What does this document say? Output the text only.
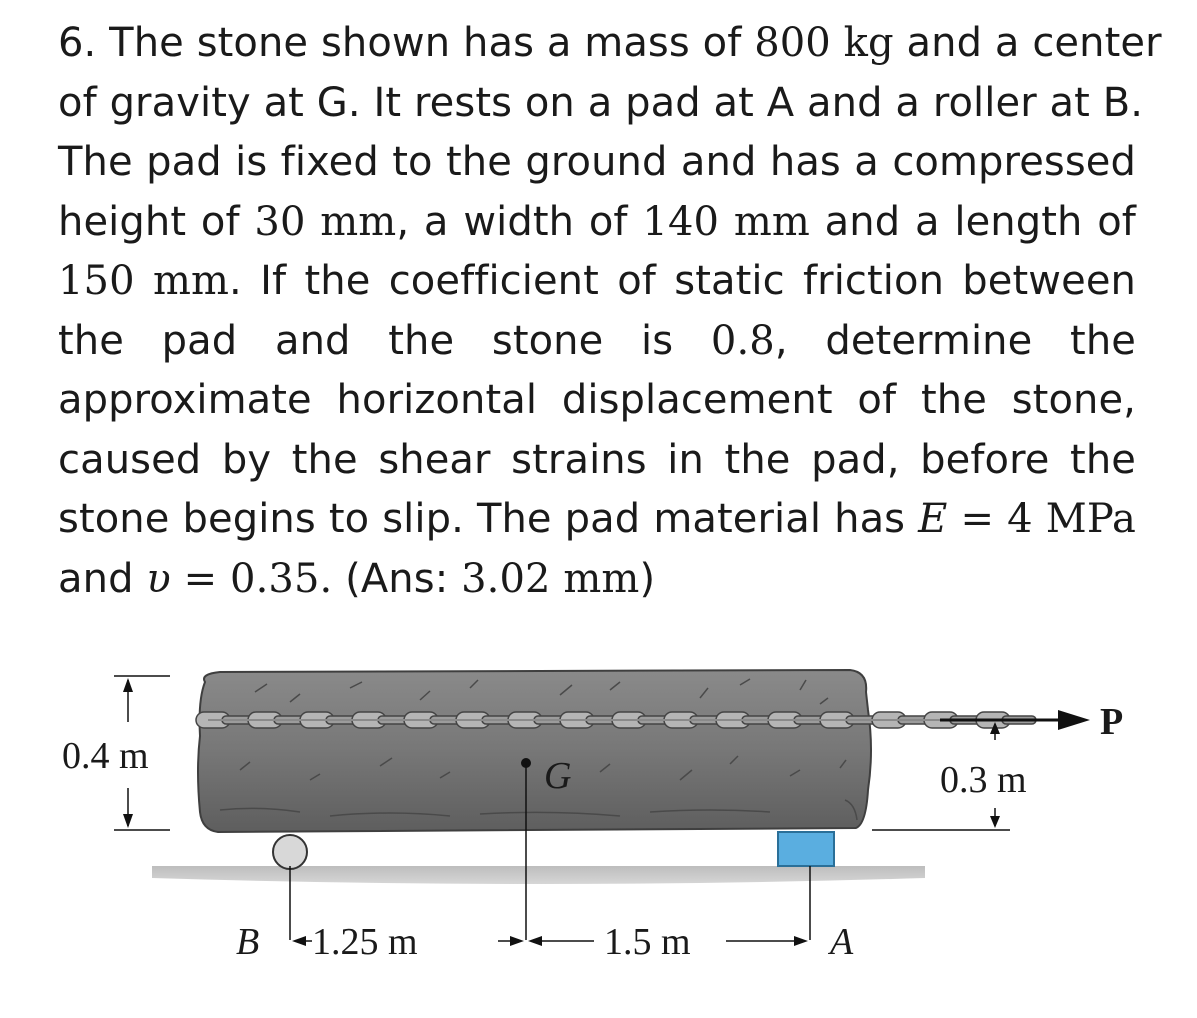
6. The stone shown has a mass of 800 kg and a center
of gravity at G. It rests on a pad at A and a roller at B.
The pad is fixed to the ground and has a compressed
height of 30 mm, a width of 140 mm and a length of
150 mm. If the coefficient of static friction between
the pad and the stone is 0.8, determine the
approximate horizontal displacement of the stone,
caused by the shear strains in the pad, before the
stone begins to slip. The pad material has E = 4 MPa
and υ = 0.35. (Ans: 3.02 mm)
P
G
0.4 m
0.3 m
B 1.25 m	1.5 m	A
